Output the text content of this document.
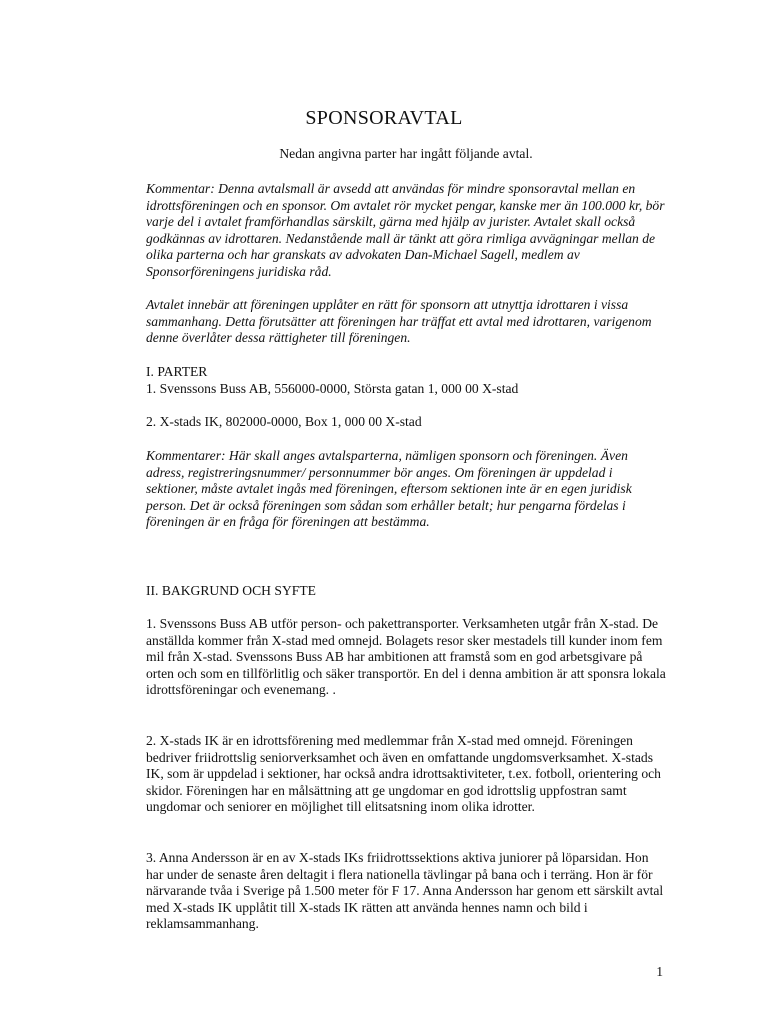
SPONSORAVTAL
Nedan angivna parter har ingått följande avtal.

Kommentar: Denna avtalsmall är avsedd att användas för mindre sponsoravtal mellan en idrottsföreningen och en sponsor. Om avtalet rör mycket pengar, kanske mer än 100.000 kr, bör varje del i avtalet framförhandlas särskilt, gärna med hjälp av jurister. Avtalet skall också godkännas av idrottaren. Nedanstående mall är tänkt att göra rimliga avvägningar mellan de olika parterna och har granskats av advokaten Dan-Michael Sagell, medlem av Sponsorföreningens juridiska råd.

Avtalet innebär att föreningen upplåter en rätt för sponsorn att utnyttja idrottaren i vissa sammanhang. Detta förutsätter att föreningen har träffat ett avtal med idrottaren, varigenom denne överlåter dessa rättigheter till föreningen.

I. PARTER
1. Svenssons Buss AB, 556000-0000, Största gatan 1, 000 00 X-stad
2. X-stads IK, 802000-0000, Box 1, 000 00 X-stad

Kommentarer: Här skall anges avtalsparterna, nämligen sponsorn och föreningen. Även adress, registreringsnummer/ personnummer bör anges. Om föreningen är uppdelad i sektioner, måste avtalet ingås med föreningen, eftersom sektionen inte är en egen juridisk person. Det är också föreningen som sådan som erhåller betalt; hur pengarna fördelas i föreningen är en fråga för föreningen att bestämma.

II. BAKGRUND OCH SYFTE

1. Svenssons Buss AB utför person- och pakettransporter. Verksamheten utgår från X-stad. De anställda kommer från X-stad med omnejd. Bolagets resor sker mestadels till kunder inom fem mil från X-stad. Svenssons Buss AB har ambitionen att framstå som en god arbetsgivare på orten och som en tillförlitlig och säker transportör. En del i denna ambition är att sponsra lokala idrottsföreningar och evenemang. .

2. X-stads IK är en idrottsförening med medlemmar från X-stad med omnejd. Föreningen bedriver friidrottslig seniorverksamhet och även en omfattande ungdomsverksamhet. X-stads IK, som är uppdelad i sektioner, har också andra idrottsaktiviteter, t.ex. fotboll, orientering och skidor. Föreningen har en målsättning att ge ungdomar en god idrottslig uppfostran samt ungdomar och seniorer en möjlighet till elitsatsning inom olika idrotter.

3. Anna Andersson är en av X-stads IKs friidrottssektions aktiva juniorer på löparsidan. Hon har under de senaste åren deltagit i flera nationella tävlingar på bana och i terräng. Hon är för närvarande tvåa i Sverige på 1.500 meter för F 17. Anna Andersson har genom ett särskilt avtal med X-stads IK upplåtit till X-stads IK rätten att använda hennes namn och bild i reklamsammanhang.

1
